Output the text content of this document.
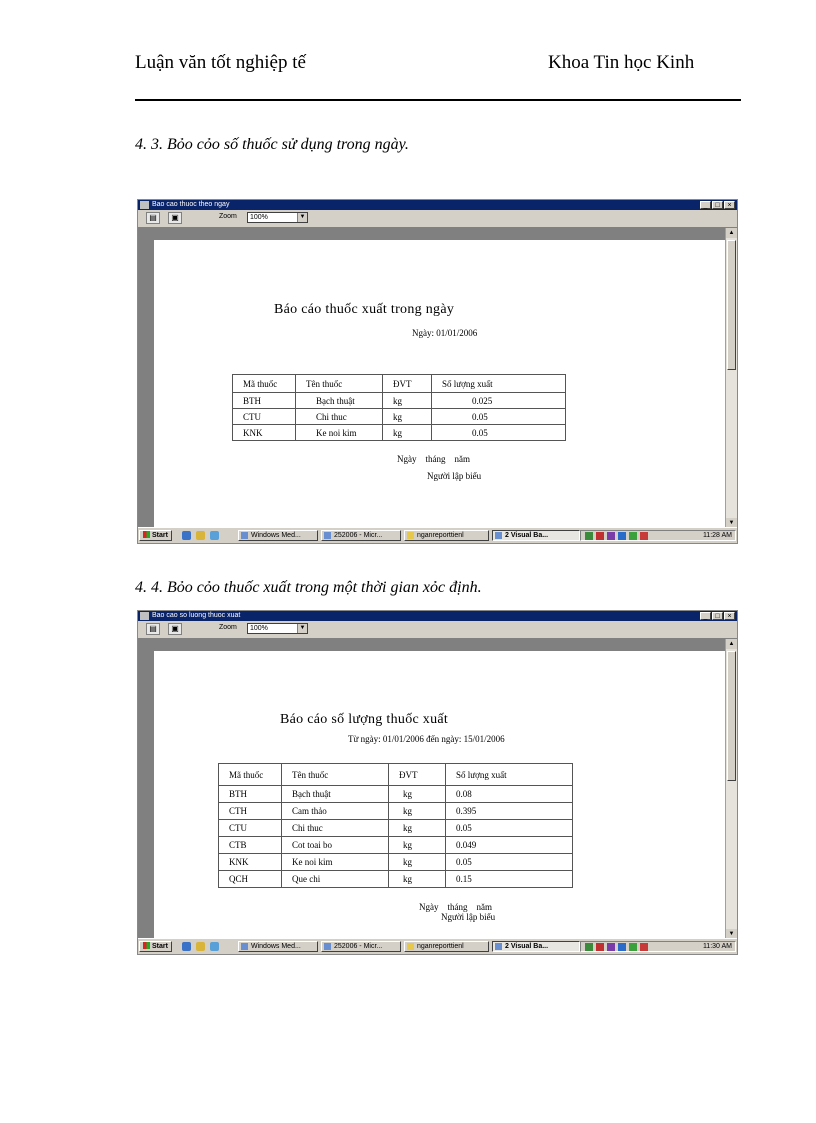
Luận văn tốt nghiệp tế	Khoa Tin học Kinh
4. 3. Bỏo cỏo số thuốc sử dụng trong ngày.
Bao cao thuoc theo ngay	_	□	×
▤	▣	Zoom	100%	▼
Báo cáo thuốc xuất trong ngày
Ngày: 01/01/2006
Mã thuốc	Tên thuốc	ĐVT	Số lượng xuất
BTH	Bạch thuật	kg	0.025
CTU	Chi thuc	kg	0.05
KNK	Ke noi kim	kg	0.05
Ngày    tháng    năm
Người lập biểu
▲
▼
Start	Windows Med...	252006 - Micr...	nganreporttienl	2 Visual Ba...	11:28 AM
4. 4. Bỏo cỏo thuốc xuất trong một thời gian xỏc định.
Bao cao so luong thuoc xuat	_	□	×
▤	▣	Zoom	100%	▼
Báo cáo số lượng thuốc xuất
Từ ngày: 01/01/2006 đến ngày: 15/01/2006
Mã thuốc	Tên thuốc	ĐVT	Số lượng xuất
BTH	Bạch thuật	kg	0.08
CTH	Cam thảo	kg	0.395
CTU	Chi thuc	kg	0.05
CTB	Cot toai bo	kg	0.049
KNK	Ke noi kim	kg	0.05
QCH	Que chi	kg	0.15
Ngày    tháng    năm
Người lập biểu
▲
▼
Start	Windows Med...	252006 - Micr...	nganreporttienl	2 Visual Ba...	11:30 AM
